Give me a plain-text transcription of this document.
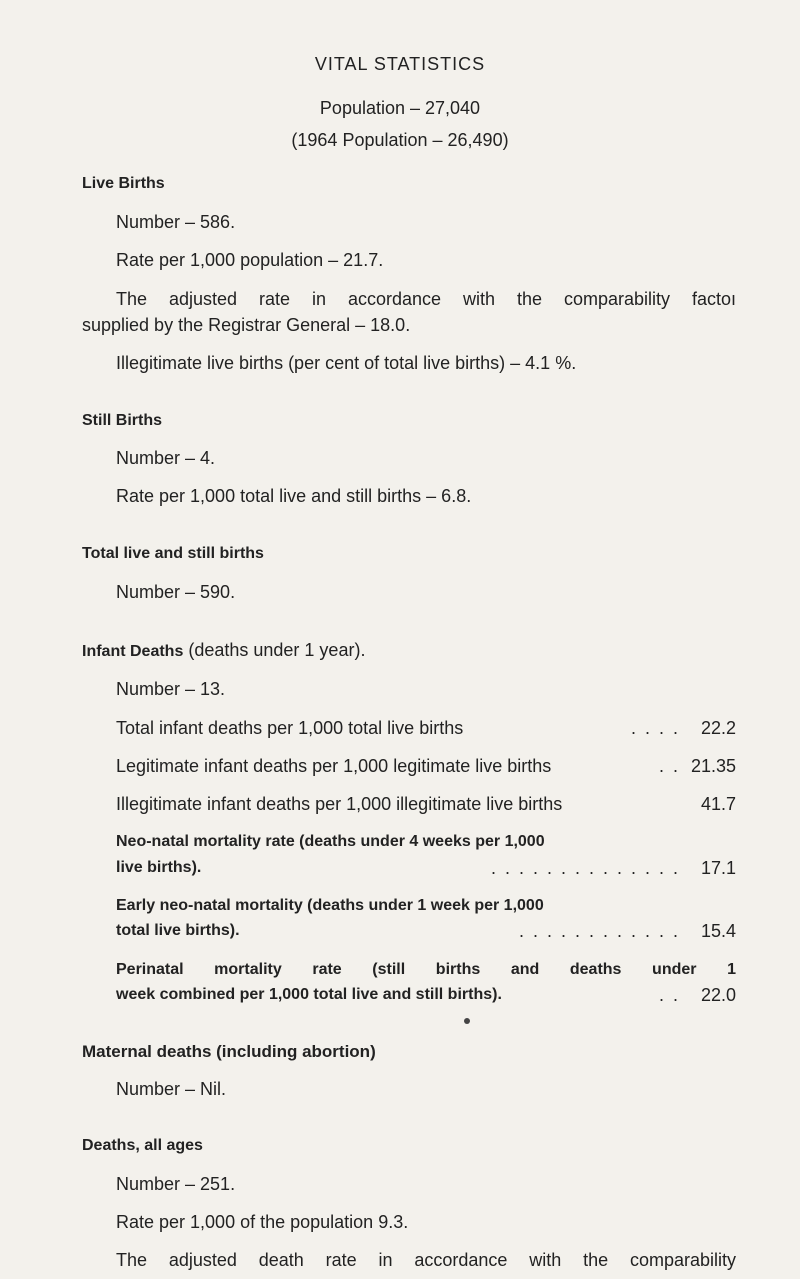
VITAL STATISTICS
Population – 27,040
(1964 Population – 26,490)
Live Births
Number – 586.
Rate per 1,000 population – 21.7.
The adjusted rate in accordance with the comparability factoı
supplied by the Registrar General – 18.0.
Illegitimate live births (per cent of total live births) – 4.1 %.
Still Births
Number – 4.
Rate per 1,000 total live and still births – 6.8.
Total live and still births
Number – 590.
Infant Deaths (deaths under 1 year).
Number – 13.
Total infant deaths per 1,000 total live births	. . . .	22.2
Legitimate infant deaths per 1,000 legitimate live births	. . 21.35
Illegitimate infant deaths per 1,000 illegitimate live births	41.7
Neo-natal mortality rate (deaths under 4 weeks per 1,000
live births).	. . . . . . . . . . . . . .	17.1
Early neo-natal mortality (deaths under 1 week per 1,000
total live births).	. . . . . . . . . . . .	15.4
Perinatal mortality rate (still births and deaths under 1
week combined per 1,000 total live and still births).	. .	22.0
Maternal deaths (including abortion)
Number – Nil.
Deaths, all ages
Number – 251.
Rate per 1,000 of the population 9.3.
The adjusted death rate in accordance with the comparability
